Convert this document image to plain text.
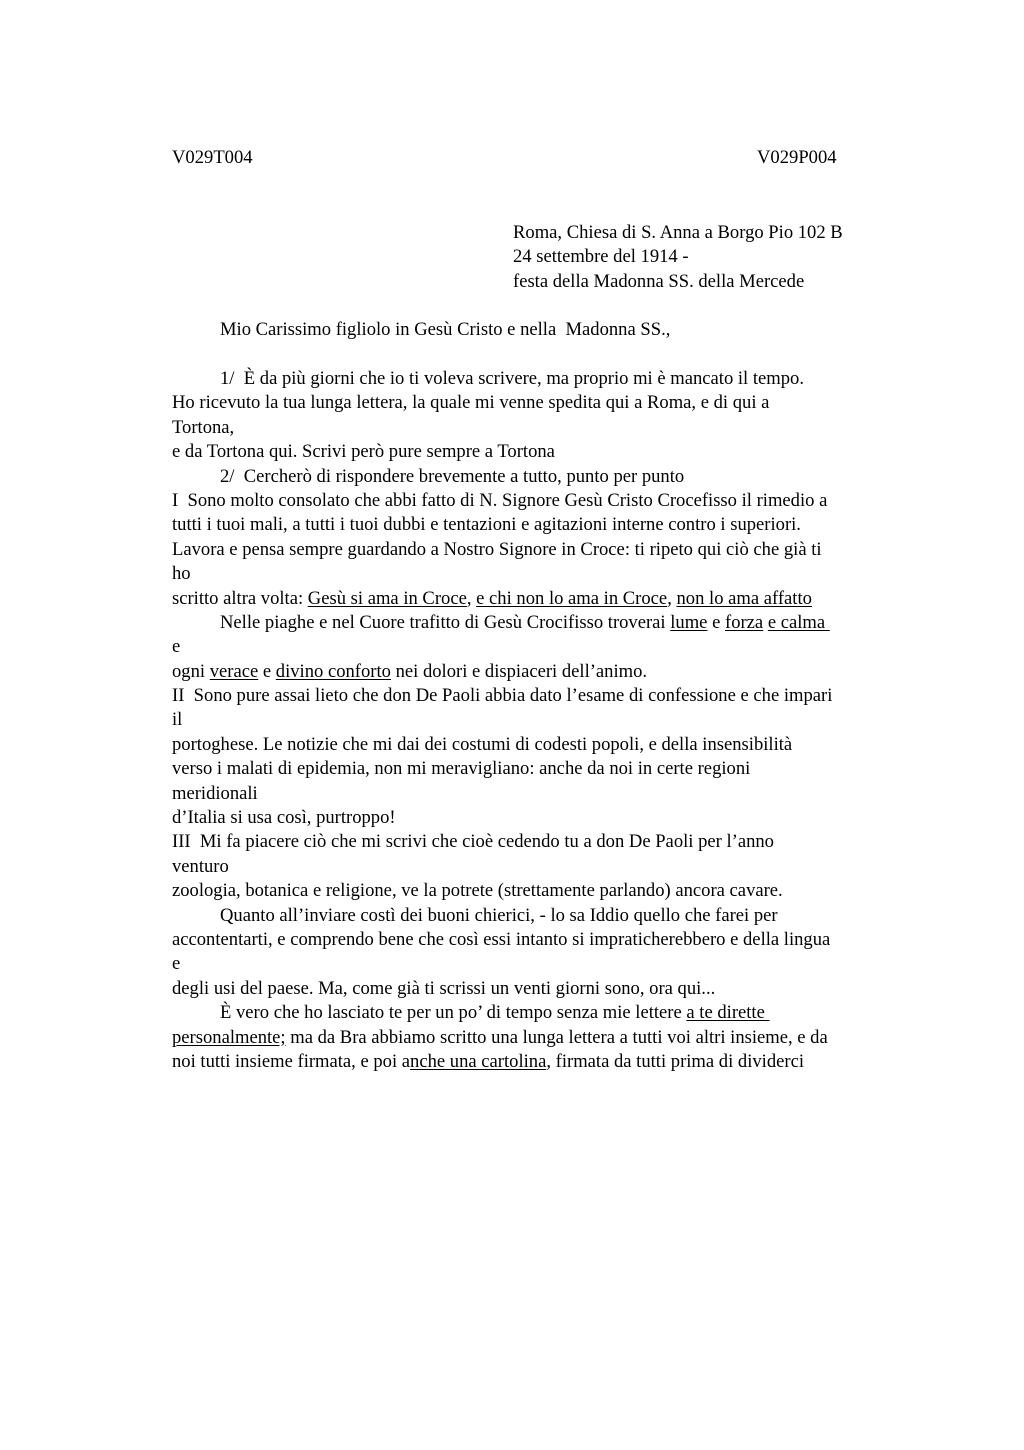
V029T004	V029P004
Roma, Chiesa di S. Anna a Borgo Pio 102 B
24 settembre del 1914 -
festa della Madonna SS. della Mercede
Mio Carissimo figliolo in Gesù Cristo e nella  Madonna SS.,
1/  È da più giorni che io ti voleva scrivere, ma proprio mi è mancato il tempo.
Ho ricevuto la tua lunga lettera, la quale mi venne spedita qui a Roma, e di qui a
Tortona,
e da Tortona qui. Scrivi però pure sempre a Tortona
2/  Cercherò di rispondere brevemente a tutto, punto per punto
I  Sono molto consolato che abbi fatto di N. Signore Gesù Cristo Crocefisso il rimedio a
tutti i tuoi mali, a tutti i tuoi dubbi e tentazioni e agitazioni interne contro i superiori.
Lavora e pensa sempre guardando a Nostro Signore in Croce: ti ripeto qui ciò che già ti
ho
scritto altra volta: Gesù si ama in Croce, e chi non lo ama in Croce, non lo ama affatto
Nelle piaghe e nel Cuore trafitto di Gesù Crocifisso troverai lume e forza e calma
e
ogni verace e divino conforto nei dolori e dispiaceri dell’animo.
II  Sono pure assai lieto che don De Paoli abbia dato l’esame di confessione e che impari
il
portoghese. Le notizie che mi dai dei costumi di codesti popoli, e della insensibilità
verso i malati di epidemia, non mi meravigliano: anche da noi in certe regioni
meridionali
d’Italia si usa così, purtroppo!
III  Mi fa piacere ciò che mi scrivi che cioè cedendo tu a don De Paoli per l’anno
venturo
zoologia, botanica e religione, ve la potrete (strettamente parlando) ancora cavare.
Quanto all’inviare costì dei buoni chierici, - lo sa Iddio quello che farei per
accontentarti, e comprendo bene che così essi intanto si impraticherebbero e della lingua
e
degli usi del paese. Ma, come già ti scrissi un venti giorni sono, ora qui...
È vero che ho lasciato te per un po’ di tempo senza mie lettere a te dirette
personalmente; ma da Bra abbiamo scritto una lunga lettera a tutti voi altri insieme, e da
noi tutti insieme firmata, e poi anche una cartolina, firmata da tutti prima di dividerci
